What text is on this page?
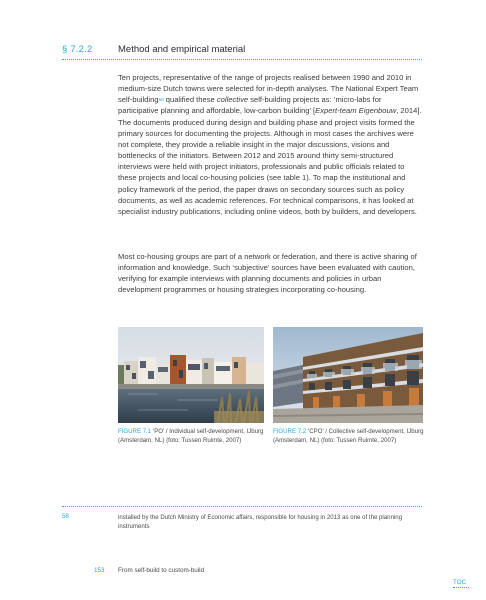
§ 7.2.2	Method and empirical material

Ten projects, representative of the range of projects realised between 1990 and 2010 in medium-size Dutch towns were selected for in-depth analyses. The National Expert Team self-building$^{58}$ qualified these collective self-building projects as: ‘micro-labs for participative planning and affordable, low-carbon building’ [Expert-team Eigenbouw, 2014]. The documents produced during design and building phase and project visits formed the primary sources for documenting the projects. Although in most cases the archives were not complete, they provide a reliable insight in the major discussions, visions and bottlenecks of the initiators. Between 2012 and 2015 around thirty semi-structured interviews were held with project initiators, professionals and public officials related to these projects and local co-housing policies (see table 1). To map the institutional and policy framework of the period, the paper draws on secondary sources such as policy documents, as well as academic references. For technical comparisons, it has looked at specialist industry publications, including online videos, both by builders, and developers.

Most co-housing groups are part of a network or federation, and there is active sharing of information and knowledge. Such ‘subjective’ sources have been evaluated with caution, verifying for example interviews with planning documents and policies in urban development programmes or housing strategies incorporating co-housing.

FIGURE 7.1 ‘PO’ / Individual self-development, IJburg (Amsterdam, NL) (foto: Tussen Ruimte, 2007)
FIGURE 7.2 ‘CPO’ / Collective self-development, IJburg (Amsterdam, NL) (foto: Tussen Ruimte, 2007)
58	installed by the Dutch Ministry of Economic affairs, responsible for housing in 2013 as one of the planning instruments
153 From self-build to custom-build
TOC
